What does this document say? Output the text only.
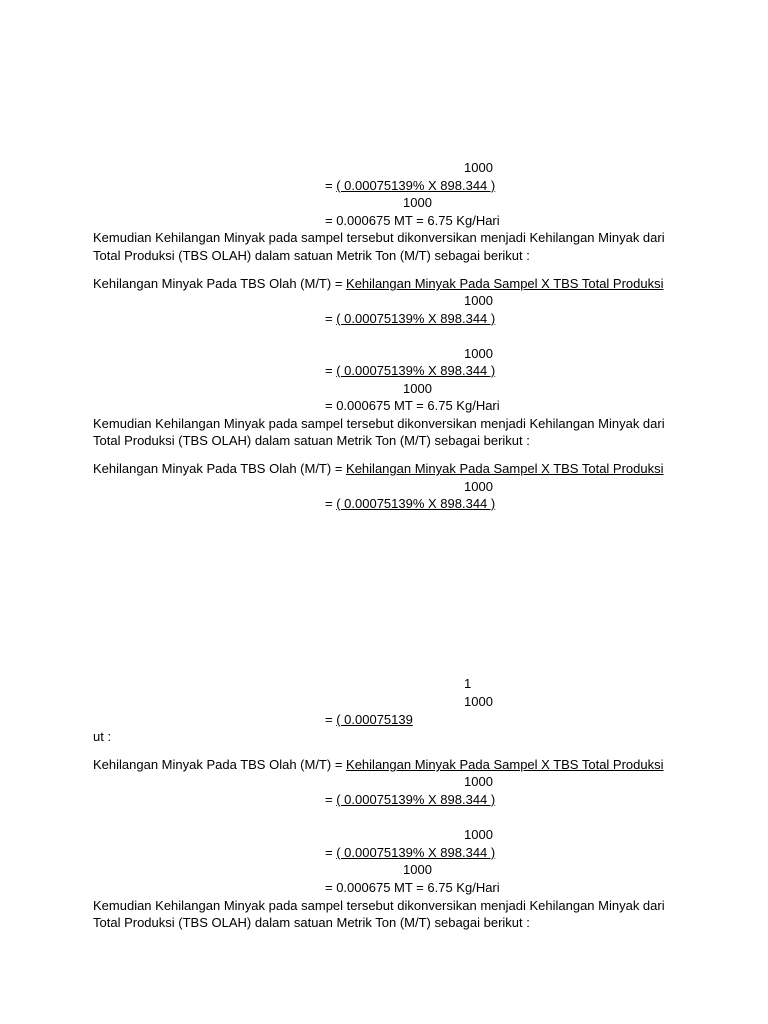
1000
= ( 0.00075139% X 898.344 )
1000
= 0.000675 MT = 6.75 Kg/Hari
Kemudian Kehilangan Minyak pada sampel tersebut dikonversikan menjadi Kehilangan Minyak dari
Total Produksi (TBS OLAH) dalam satuan Metrik Ton (M/T) sebagai berikut :
Kehilangan Minyak Pada TBS Olah (M/T) = Kehilangan Minyak Pada Sampel X TBS Total Produksi
1000
= ( 0.00075139% X 898.344 )
1000
= ( 0.00075139% X 898.344 )
1000
= 0.000675 MT = 6.75 Kg/Hari
Kemudian Kehilangan Minyak pada sampel tersebut dikonversikan menjadi Kehilangan Minyak dari
Total Produksi (TBS OLAH) dalam satuan Metrik Ton (M/T) sebagai berikut :
Kehilangan Minyak Pada TBS Olah (M/T) = Kehilangan Minyak Pada Sampel X TBS Total Produksi
1000
= ( 0.00075139% X 898.344 )
1
1000
= ( 0.00075139
ut :
Kehilangan Minyak Pada TBS Olah (M/T) = Kehilangan Minyak Pada Sampel X TBS Total Produksi
1000
= ( 0.00075139% X 898.344 )
1000
= ( 0.00075139% X 898.344 )
1000
= 0.000675 MT = 6.75 Kg/Hari
Kemudian Kehilangan Minyak pada sampel tersebut dikonversikan menjadi Kehilangan Minyak dari
Total Produksi (TBS OLAH) dalam satuan Metrik Ton (M/T) sebagai berikut :
